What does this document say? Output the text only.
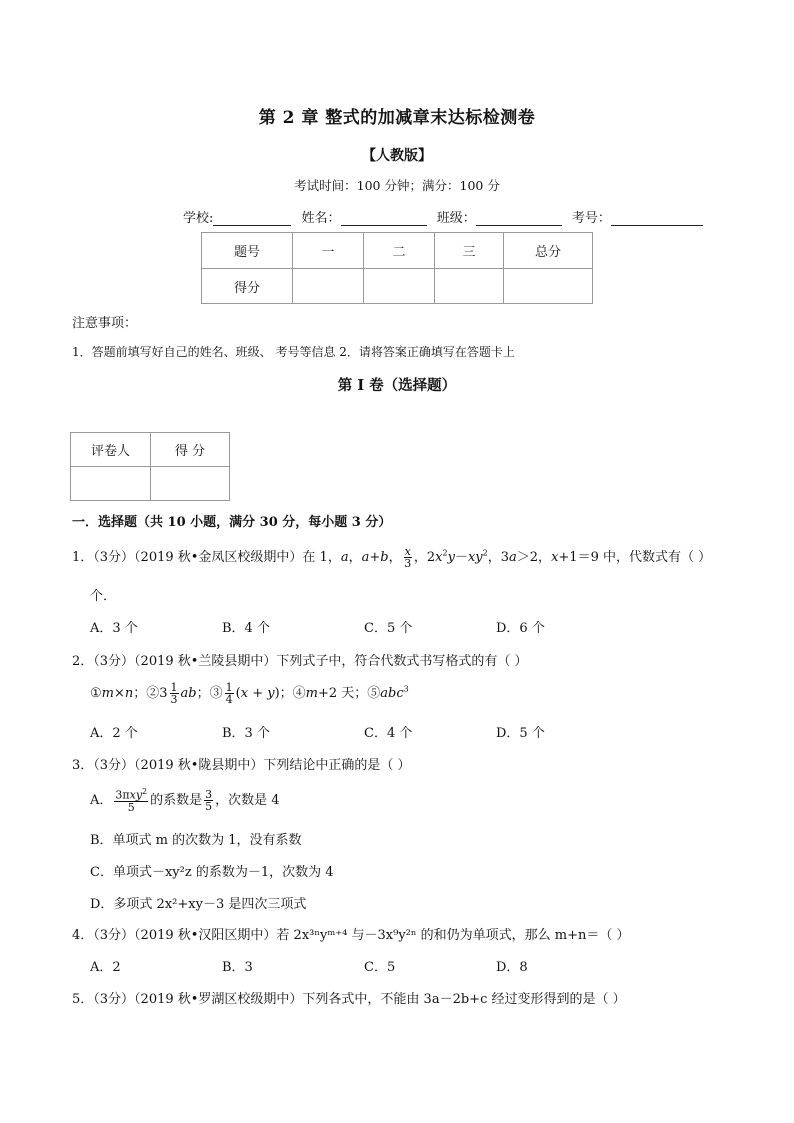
第 2 章 整式的加减章末达标检测卷
【人教版】
考试时间：100 分钟；满分：100 分
学校:	姓名：	班级：	考号：
题号	一	二	三	总分
得分				
注意事项：
1．答题前填写好自己的姓名、班级、 考号等信息 2．请将答案正确填写在答题卡上
第 I 卷（选择题）
评卷人	得 分

一．选择题（共 10 小题，满分 30 分，每小题 3 分）
1．（3分）（2019 秋•金凤区校级期中）在 1，a，a+b， $\frac{x}{3}$ ，$2x^2y-xy^2$，3a＞2，x+1＝9 中，代数式有（ ）
个．
A．3 个	B．4 个	C．5 个	D．6 个
2．（3分）（2019 秋•兰陵县期中）下列式子中，符合代数式书写格式的有（ ）
①m×n；②3 $\frac{1}{3}$ ab；③ $\frac{1}{4} (x + y)$；④m+2 天；⑤abc$^3$
A．2 个	B．3 个	C．4 个	D．5 个
3．（3分）（2019 秋•陇县期中）下列结论中正确的是（ ）
A． $\frac{3\pi xy^2}{5}$ 的系数是 $\frac{3}{5}$ ，次数是 4
B．单项式 m 的次数为 1，没有系数
C．单项式－xy²z 的系数为－1，次数为 4
D．多项式 2x²+xy－3 是四次三项式
4．（3分）（2019 秋•汉阳区期中）若 2x³ⁿyᵐ⁺⁴ 与－3x⁹y²ⁿ 的和仍为单项式，那么 m+n＝（ ）
A．2	B．3	C．5	D．8
5．（3分）（2019 秋•罗湖区校级期中）下列各式中，不能由 3a－2b+c 经过变形得到的是（ ）
